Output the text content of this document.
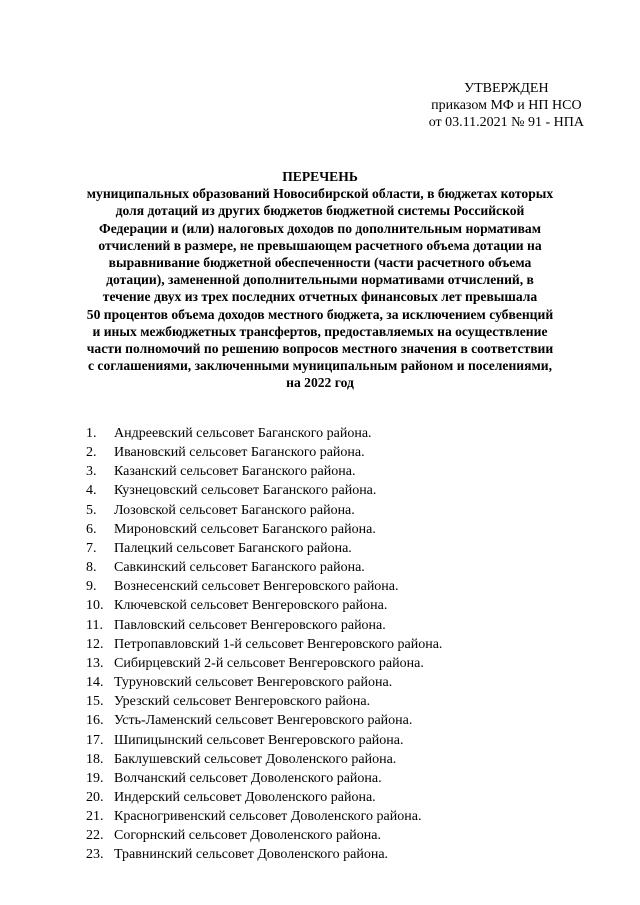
УТВЕРЖДЕН
приказом МФ и НП НСО
от 03.11.2021 № 91 - НПА
ПЕРЕЧЕНЬ
муниципальных образований Новосибирской области, в бюджетах которых
доля дотаций из других бюджетов бюджетной системы Российской
Федерации и (или) налоговых доходов по дополнительным нормативам
отчислений в размере, не превышающем расчетного объема дотации на
выравнивание бюджетной обеспеченности (части расчетного объема
дотации), замененной дополнительными нормативами отчислений, в
течение двух из трех последних отчетных финансовых лет превышала
50 процентов объема доходов местного бюджета, за исключением субвенций
и иных межбюджетных трансфертов, предоставляемых на осуществление
части полномочий по решению вопросов местного значения в соответствии
с соглашениями, заключенными муниципальным районом и поселениями,
на 2022 год
1.	Андреевский сельсовет Баганского района.
2.	Ивановский сельсовет Баганского района.
3.	Казанский сельсовет Баганского района.
4.	Кузнецовский сельсовет Баганского района.
5.	Лозовской сельсовет Баганского района.
6.	Мироновский сельсовет Баганского района.
7.	Палецкий сельсовет Баганского района.
8.	Савкинский сельсовет Баганского района.
9.	Вознесенский сельсовет Венгеровского района.
10. Ключевской сельсовет Венгеровского района.
11. Павловский сельсовет Венгеровского района.
12. Петропавловский 1-й сельсовет Венгеровского района.
13. Сибирцевский 2-й сельсовет Венгеровского района.
14. Туруновский сельсовет Венгеровского района.
15. Урезский сельсовет Венгеровского района.
16. Усть-Ламенский сельсовет Венгеровского района.
17. Шипицынский сельсовет Венгеровского района.
18. Баклушевский сельсовет Доволенского района.
19. Волчанский сельсовет Доволенского района.
20. Индерский сельсовет Доволенского района.
21. Красногривенский сельсовет Доволенского района.
22. Согорнский сельсовет Доволенского района.
23. Травнинский сельсовет Доволенского района.
